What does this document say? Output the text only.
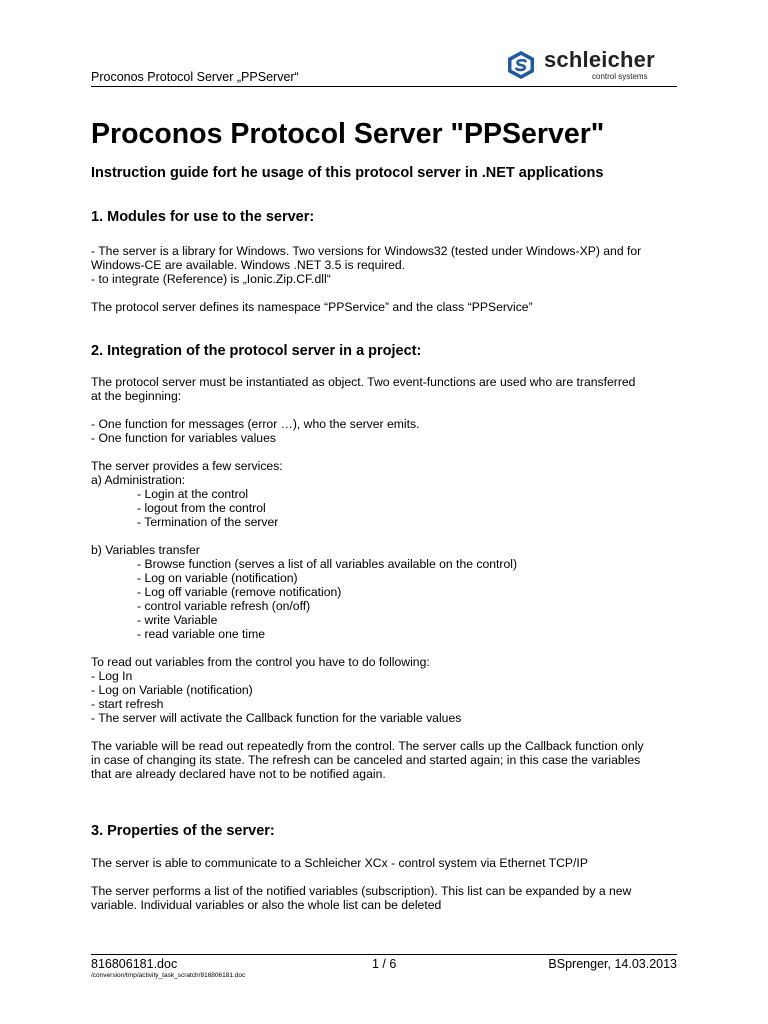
Proconos Protocol Server „PPServer“
schleicher
control systems
Proconos Protocol Server "PPServer"
Instruction guide fort he usage of this protocol server in .NET applications
1. Modules for use to the server:
- The server is a library for Windows. Two versions for Windows32 (tested under Windows-XP) and for
Windows-CE are available. Windows .NET 3.5 is required.
- to integrate (Reference) is „Ionic.Zip.CF.dll“
The protocol server defines its namespace “PPService” and the class “PPService”
2. Integration of the protocol server in a project:
The protocol server must be instantiated as object. Two event-functions are used who are transferred
at the beginning:
- One function for messages (error …), who the server emits.
- One function for variables values
The server provides a few services:
a) Administration:
- Login at the control
- logout from the control
- Termination of the server
b) Variables transfer
- Browse function (serves a list of all variables available on the control)
- Log on variable (notification)
- Log off variable (remove notification)
- control variable refresh (on/off)
- write Variable
- read variable one time
To read out variables from the control you have to do following:
- Log In
- Log on Variable (notification)
- start refresh
- The server will activate the Callback function for the variable values
The variable will be read out repeatedly from the control. The server calls up the Callback function only
in case of changing its state. The refresh can be canceled and started again; in this case the variables
that are already declared have not to be notified again.
3. Properties of the server:
The server is able to communicate to a Schleicher XCx - control system via Ethernet TCP/IP
The server performs a list of the notified variables (subscription). This list can be expanded by a new
variable. Individual variables or also the whole list can be deleted
816806181.doc	1 / 6	BSprenger, 14.03.2013
/conversion/tmp/activity_task_scratch/816806181.doc
